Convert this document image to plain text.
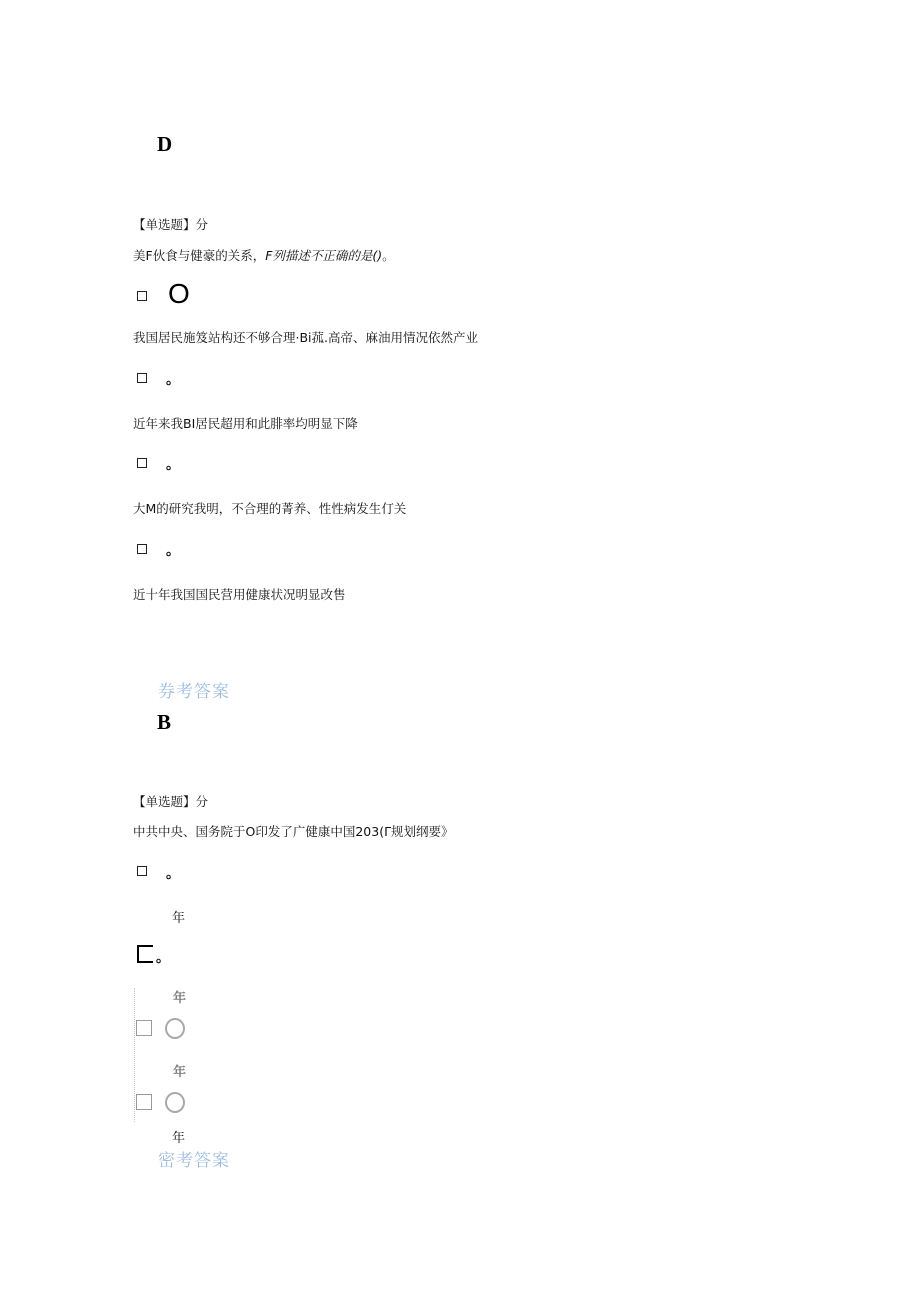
D
【单选题】分
美F伙食与健豪的关系，F列描述不正确的是()。
O
我国居民施笈站构还不够合理·Bi菰.高帝、麻油用情况依然产业
。
近年来我BI居民超用和此腓率均明显下降
。
大M的研究我明，不合理的菁养、性性病发生仃关
。
近十年我国国民营用健康状况明显改售
券考答案
B
【单选题】分
中共中央、国务院于O印发了广健康中国203(Γ规划纲要》
。
年
。
年
年
年
密考答案
